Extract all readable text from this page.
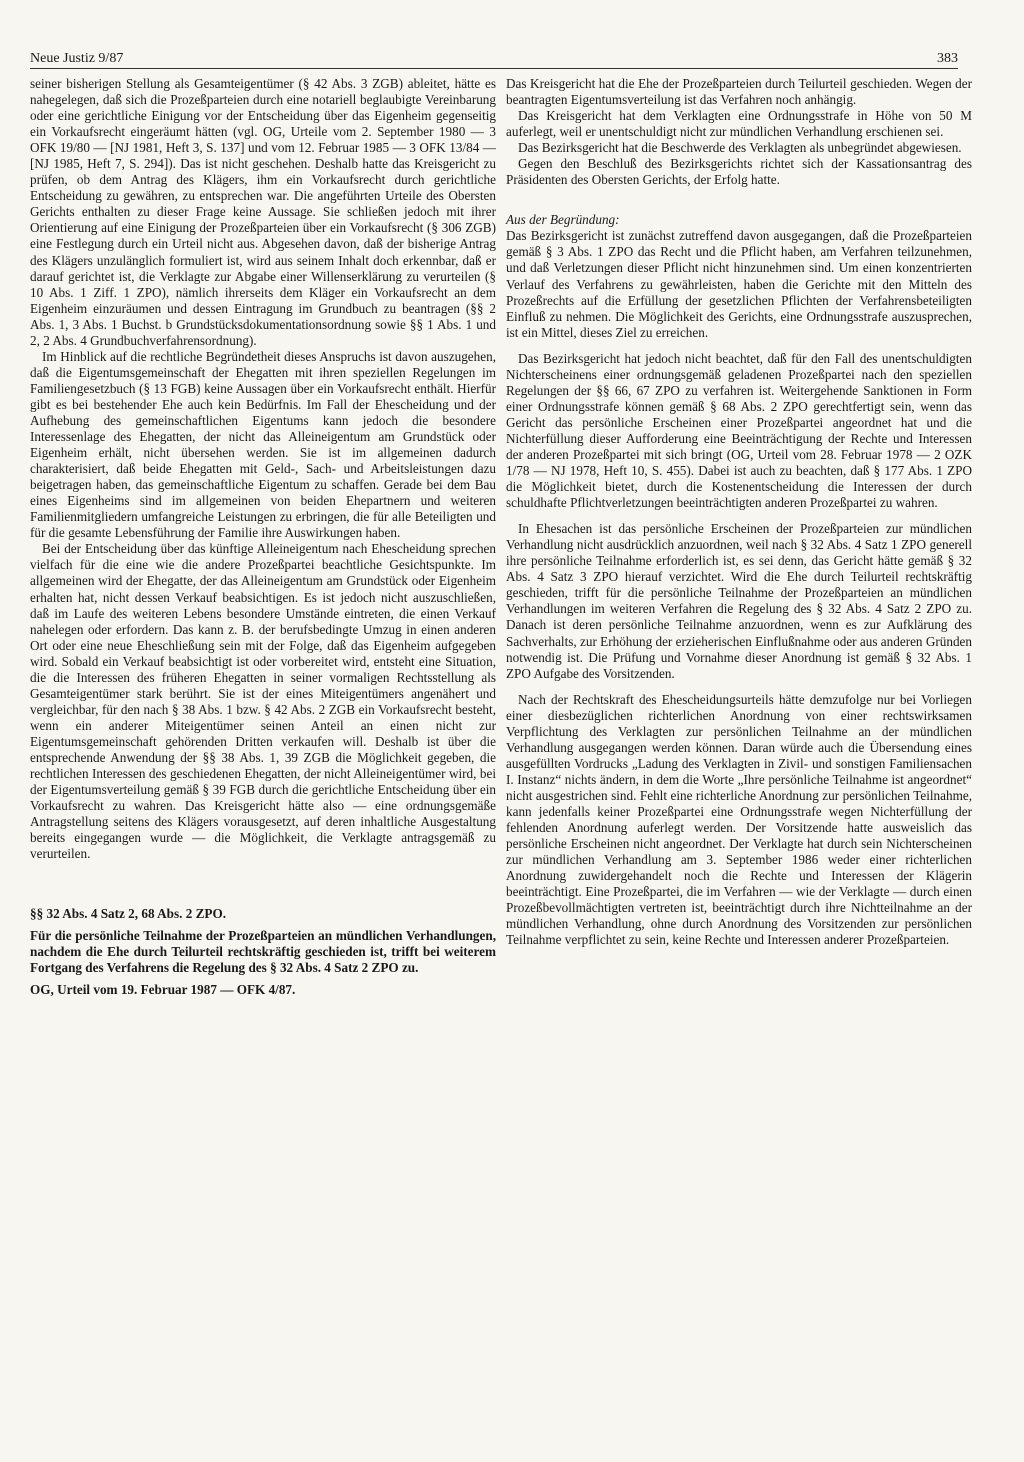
Neue Justiz 9/87	383

seiner bisherigen Stellung als Gesamteigentümer (§ 42 Abs. 3 ZGB) ableitet, hätte es nahegelegen, daß sich die Prozeßparteien durch eine notariell beglaubigte Vereinbarung oder eine gerichtliche Einigung vor der Entscheidung über das Eigenheim gegenseitig ein Vorkaufsrecht eingeräumt hätten (vgl. OG, Urteile vom 2. September 1980 — 3 OFK 19/80 — [NJ 1981, Heft 3, S. 137] und vom 12. Februar 1985 — 3 OFK 13/84 — [NJ 1985, Heft 7, S. 294]). Das ist nicht geschehen. Deshalb hatte das Kreisgericht zu prüfen, ob dem Antrag des Klägers, ihm ein Vorkaufsrecht durch gerichtliche Entscheidung zu gewähren, zu entsprechen war. Die angeführten Urteile des Obersten Gerichts enthalten zu dieser Frage keine Aussage. Sie schließen jedoch mit ihrer Orientierung auf eine Einigung der Prozeßparteien über ein Vorkaufsrecht (§ 306 ZGB) eine Festlegung durch ein Urteil nicht aus. Abgesehen davon, daß der bisherige Antrag des Klägers unzulänglich formuliert ist, wird aus seinem Inhalt doch erkennbar, daß er darauf gerichtet ist, die Verklagte zur Abgabe einer Willenserklärung zu verurteilen (§ 10 Abs. 1 Ziff. 1 ZPO), nämlich ihrerseits dem Kläger ein Vorkaufsrecht an dem Eigenheim einzuräumen und dessen Eintragung im Grundbuch zu beantragen (§§ 2 Abs. 1, 3 Abs. 1 Buchst. b Grundstücksdokumentationsordnung sowie §§ 1 Abs. 1 und 2, 2 Abs. 4 Grundbuchverfahrensordnung).

Im Hinblick auf die rechtliche Begründetheit dieses Anspruchs ist davon auszugehen, daß die Eigentumsgemeinschaft der Ehegatten mit ihren speziellen Regelungen im Familiengesetzbuch (§ 13 FGB) keine Aussagen über ein Vorkaufsrecht enthält. Hierfür gibt es bei bestehender Ehe auch kein Bedürfnis. Im Fall der Ehescheidung und der Aufhebung des gemeinschaftlichen Eigentums kann jedoch die besondere Interessenlage des Ehegatten, der nicht das Alleineigentum am Grundstück oder Eigenheim erhält, nicht übersehen werden. Sie ist im allgemeinen dadurch charakterisiert, daß beide Ehegatten mit Geld-, Sach- und Arbeitsleistungen dazu beigetragen haben, das gemeinschaftliche Eigentum zu schaffen. Gerade bei dem Bau eines Eigenheims sind im allgemeinen von beiden Ehepartnern und weiteren Familienmitgliedern umfangreiche Leistungen zu erbringen, die für alle Beteiligten und für die gesamte Lebensführung der Familie ihre Auswirkungen haben.

Bei der Entscheidung über das künftige Alleineigentum nach Ehescheidung sprechen vielfach für die eine wie die andere Prozeßpartei beachtliche Gesichtspunkte. Im allgemeinen wird der Ehegatte, der das Alleineigentum am Grundstück oder Eigenheim erhalten hat, nicht dessen Verkauf beabsichtigen. Es ist jedoch nicht auszuschließen, daß im Laufe des weiteren Lebens besondere Umstände eintreten, die einen Verkauf nahelegen oder erfordern. Das kann z. B. der berufsbedingte Umzug in einen anderen Ort oder eine neue Eheschließung sein mit der Folge, daß das Eigenheim aufgegeben wird. Sobald ein Verkauf beabsichtigt ist oder vorbereitet wird, entsteht eine Situation, die die Interessen des früheren Ehegatten in seiner vormaligen Rechtsstellung als Gesamteigentümer stark berührt. Sie ist der eines Miteigentümers angenähert und vergleichbar, für den nach § 38 Abs. 1 bzw. § 42 Abs. 2 ZGB ein Vorkaufsrecht besteht, wenn ein anderer Miteigentümer seinen Anteil an einen nicht zur Eigentumsgemeinschaft gehörenden Dritten verkaufen will. Deshalb ist über die entsprechende Anwendung der §§ 38 Abs. 1, 39 ZGB die Möglichkeit gegeben, die rechtlichen Interessen des geschiedenen Ehegatten, der nicht Alleineigentümer wird, bei der Eigentumsverteilung gemäß § 39 FGB durch die gerichtliche Entscheidung über ein Vorkaufsrecht zu wahren. Das Kreisgericht hätte also — eine ordnungsgemäße Antragstellung seitens des Klägers vorausgesetzt, auf deren inhaltliche Ausgestaltung bereits eingegangen wurde — die Möglichkeit, die Verklagte antragsgemäß zu verurteilen.

§§ 32 Abs. 4 Satz 2, 68 Abs. 2 ZPO.

Für die persönliche Teilnahme der Prozeßparteien an mündlichen Verhandlungen, nachdem die Ehe durch Teilurteil rechtskräftig geschieden ist, trifft bei weiterem Fortgang des Verfahrens die Regelung des § 32 Abs. 4 Satz 2 ZPO zu.

OG, Urteil vom 19. Februar 1987 — OFK 4/87.

Das Kreisgericht hat die Ehe der Prozeßparteien durch Teilurteil geschieden. Wegen der beantragten Eigentumsverteilung ist das Verfahren noch anhängig.

Das Kreisgericht hat dem Verklagten eine Ordnungsstrafe in Höhe von 50 M auferlegt, weil er unentschuldigt nicht zur mündlichen Verhandlung erschienen sei.

Das Bezirksgericht hat die Beschwerde des Verklagten als unbegründet abgewiesen.

Gegen den Beschluß des Bezirksgerichts richtet sich der Kassationsantrag des Präsidenten des Obersten Gerichts, der Erfolg hatte.

Aus der Begründung:

Das Bezirksgericht ist zunächst zutreffend davon ausgegangen, daß die Prozeßparteien gemäß § 3 Abs. 1 ZPO das Recht und die Pflicht haben, am Verfahren teilzunehmen, und daß Verletzungen dieser Pflicht nicht hinzunehmen sind. Um einen konzentrierten Verlauf des Verfahrens zu gewährleisten, haben die Gerichte mit den Mitteln des Prozeßrechts auf die Erfüllung der gesetzlichen Pflichten der Verfahrensbeteiligten Einfluß zu nehmen. Die Möglichkeit des Gerichts, eine Ordnungsstrafe auszusprechen, ist ein Mittel, dieses Ziel zu erreichen.

Das Bezirksgericht hat jedoch nicht beachtet, daß für den Fall des unentschuldigten Nichterscheinens einer ordnungsgemäß geladenen Prozeßpartei nach den speziellen Regelungen der §§ 66, 67 ZPO zu verfahren ist. Weitergehende Sanktionen in Form einer Ordnungsstrafe können gemäß § 68 Abs. 2 ZPO gerechtfertigt sein, wenn das Gericht das persönliche Erscheinen einer Prozeßpartei angeordnet hat und die Nichterfüllung dieser Aufforderung eine Beeinträchtigung der Rechte und Interessen der anderen Prozeßpartei mit sich bringt (OG, Urteil vom 28. Februar 1978 — 2 OZK 1/78 — NJ 1978, Heft 10, S. 455). Dabei ist auch zu beachten, daß § 177 Abs. 1 ZPO die Möglichkeit bietet, durch die Kostenentscheidung die Interessen der durch schuldhafte Pflichtverletzungen beeinträchtigten anderen Prozeßpartei zu wahren.

In Ehesachen ist das persönliche Erscheinen der Prozeßparteien zur mündlichen Verhandlung nicht ausdrücklich anzuordnen, weil nach § 32 Abs. 4 Satz 1 ZPO generell ihre persönliche Teilnahme erforderlich ist, es sei denn, das Gericht hätte gemäß § 32 Abs. 4 Satz 3 ZPO hierauf verzichtet. Wird die Ehe durch Teilurteil rechtskräftig geschieden, trifft für die persönliche Teilnahme der Prozeßparteien an mündlichen Verhandlungen im weiteren Verfahren die Regelung des § 32 Abs. 4 Satz 2 ZPO zu. Danach ist deren persönliche Teilnahme anzuordnen, wenn es zur Aufklärung des Sachverhalts, zur Erhöhung der erzieherischen Einflußnahme oder aus anderen Gründen notwendig ist. Die Prüfung und Vornahme dieser Anordnung ist gemäß § 32 Abs. 1 ZPO Aufgabe des Vorsitzenden.

Nach der Rechtskraft des Ehescheidungsurteils hätte demzufolge nur bei Vorliegen einer diesbezüglichen richterlichen Anordnung von einer rechtswirksamen Verpflichtung des Verklagten zur persönlichen Teilnahme an der mündlichen Verhandlung ausgegangen werden können. Daran würde auch die Übersendung eines ausgefüllten Vordrucks „Ladung des Verklagten in Zivil- und sonstigen Familiensachen I. Instanz“ nichts ändern, in dem die Worte „Ihre persönliche Teilnahme ist angeordnet“ nicht ausgestrichen sind. Fehlt eine richterliche Anordnung zur persönlichen Teilnahme, kann jedenfalls keiner Prozeßpartei eine Ordnungsstrafe wegen Nichterfüllung der fehlenden Anordnung auferlegt werden. Der Vorsitzende hatte ausweislich das persönliche Erscheinen nicht angeordnet. Der Verklagte hat durch sein Nichterscheinen zur mündlichen Verhandlung am 3. September 1986 weder einer richterlichen Anordnung zuwidergehandelt noch die Rechte und Interessen der Klägerin beeinträchtigt. Eine Prozeßpartei, die im Verfahren — wie der Verklagte — durch einen Prozeßbevollmächtigten vertreten ist, beeinträchtigt durch ihre Nichtteilnahme an der mündlichen Verhandlung, ohne durch Anordnung des Vorsitzenden zur persönlichen Teilnahme verpflichtet zu sein, keine Rechte und Interessen anderer Prozeßparteien.
